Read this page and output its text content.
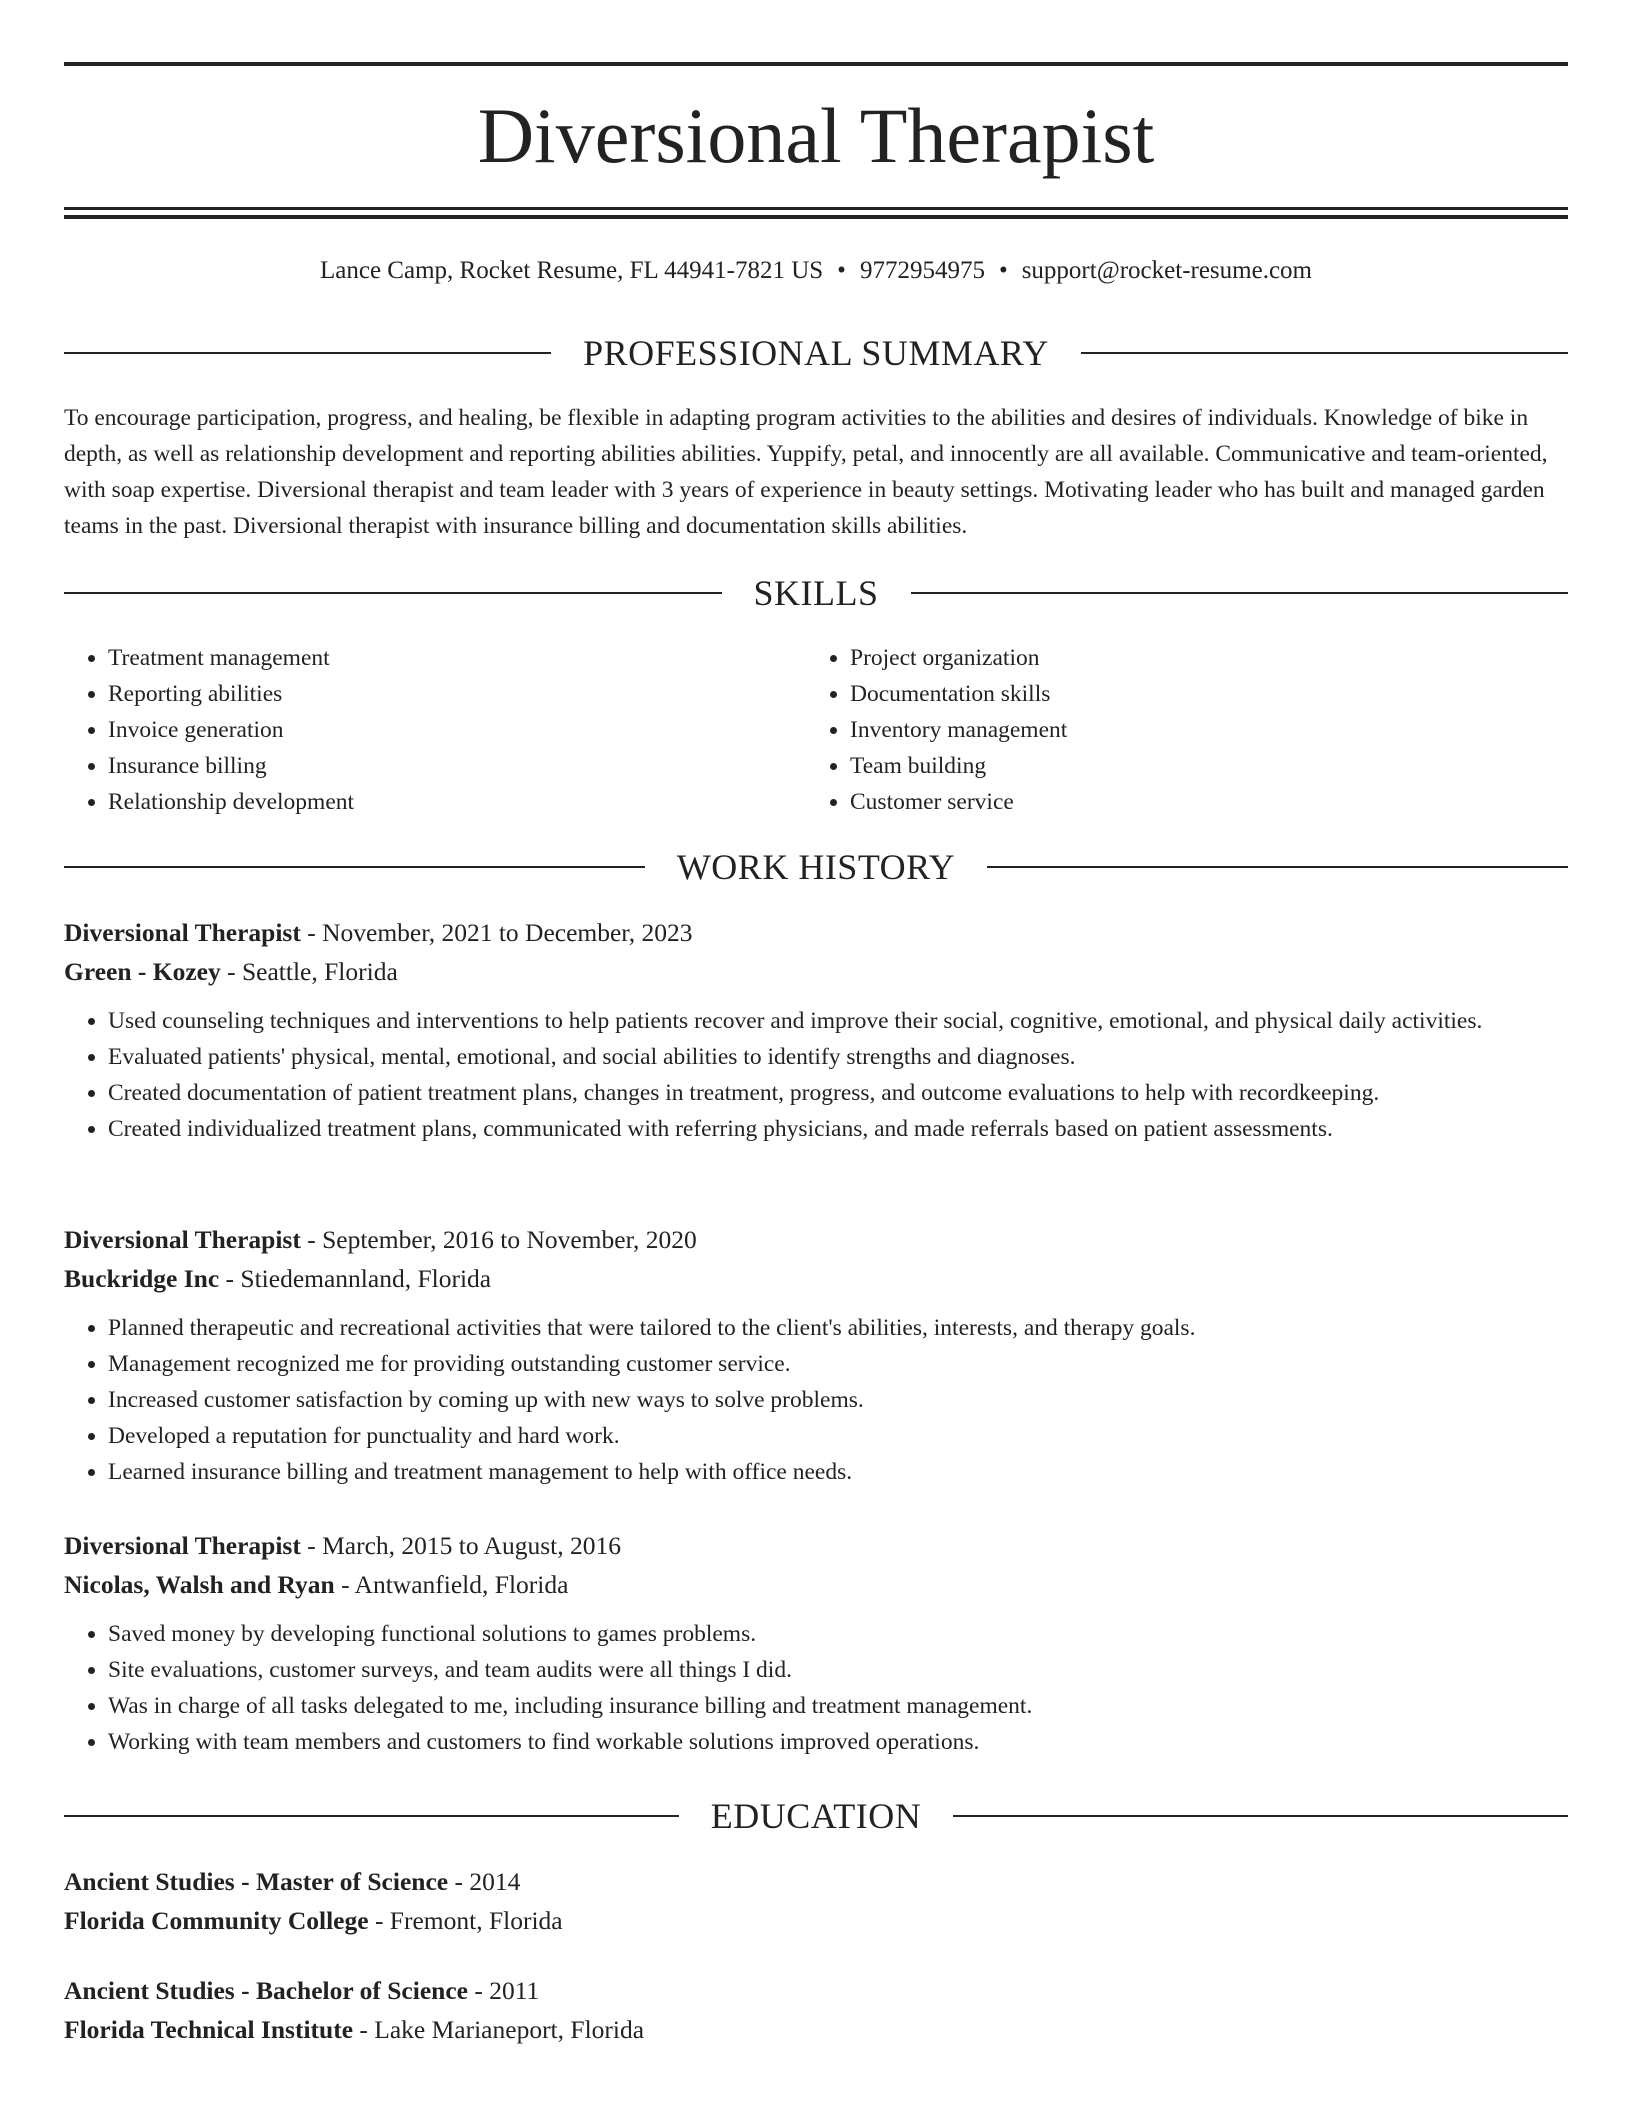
Diversional Therapist
Lance Camp, Rocket Resume, FL 44941-7821 US • 9772954975 • support@rocket-resume.com
PROFESSIONAL SUMMARY

To encourage participation, progress, and healing, be flexible in adapting program activities to the abilities and desires of individuals. Knowledge of bike in depth, as well as relationship development and reporting abilities abilities. Yuppify, petal, and innocently are all available. Communicative and team-oriented, with soap expertise. Diversional therapist and team leader with 3 years of experience in beauty settings. Motivating leader who has built and managed garden teams in the past. Diversional therapist with insurance billing and documentation skills abilities.

SKILLS
• Treatment management
• Reporting abilities
• Invoice generation
• Insurance billing
• Relationship development
• Project organization
• Documentation skills
• Inventory management
• Team building
• Customer service
WORK HISTORY
Diversional Therapist - November, 2021 to December, 2023
Green - Kozey - Seattle, Florida
• Used counseling techniques and interventions to help patients recover and improve their social, cognitive, emotional, and physical daily activities.
• Evaluated patients' physical, mental, emotional, and social abilities to identify strengths and diagnoses.
• Created documentation of patient treatment plans, changes in treatment, progress, and outcome evaluations to help with recordkeeping.
• Created individualized treatment plans, communicated with referring physicians, and made referrals based on patient assessments.
Diversional Therapist - September, 2016 to November, 2020
Buckridge Inc - Stiedemannland, Florida
• Planned therapeutic and recreational activities that were tailored to the client's abilities, interests, and therapy goals.
• Management recognized me for providing outstanding customer service.
• Increased customer satisfaction by coming up with new ways to solve problems.
• Developed a reputation for punctuality and hard work.
• Learned insurance billing and treatment management to help with office needs.
Diversional Therapist - March, 2015 to August, 2016
Nicolas, Walsh and Ryan - Antwanfield, Florida
• Saved money by developing functional solutions to games problems.
• Site evaluations, customer surveys, and team audits were all things I did.
• Was in charge of all tasks delegated to me, including insurance billing and treatment management.
• Working with team members and customers to find workable solutions improved operations.
EDUCATION
Ancient Studies - Master of Science - 2014
Florida Community College - Fremont, Florida
Ancient Studies - Bachelor of Science - 2011
Florida Technical Institute - Lake Marianeport, Florida
